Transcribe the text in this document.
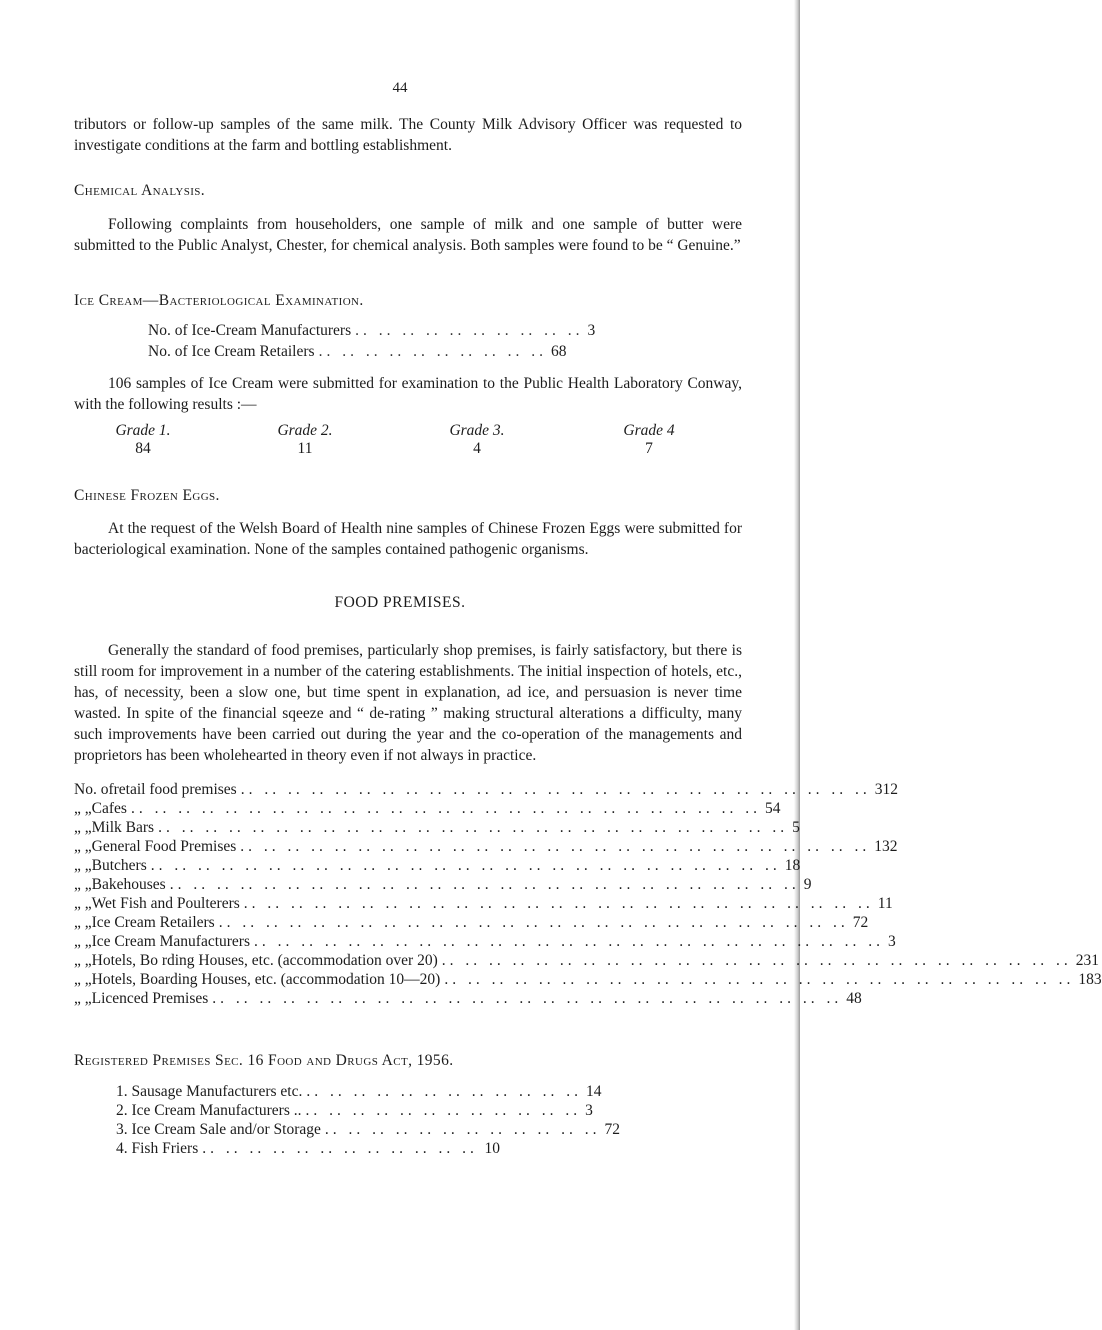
44

tributors or follow-up samples of the same milk. The County Milk Advisory Officer was requested to investigate conditions at the farm and bottling establishment.

Chemical Analysis.

Following complaints from householders, one sample of milk and one sample of butter were submitted to the Public Analyst, Chester, for chemical analysis. Both samples were found to be “ Genuine.”

Ice Cream—Bacteriological Examination.
No. of Ice-Cream Manufacturers .. .. .. .. .. .. .. .. .. .. 3
No. of Ice Cream Retailers .. .. .. .. .. .. .. .. .. .. 68

106 samples of Ice Cream were submitted for examination to the Public Health Laboratory Conway, with the following results :—

Grade 1.
84
Grade 2.
11
Grade 3.
4
Grade 4
7
Chinese Frozen Eggs.

At the request of the Welsh Board of Health nine samples of Chinese Frozen Eggs were submitted for bacteriological examination. None of the samples contained pathogenic organisms.

FOOD PREMISES.

Generally the standard of food premises, particularly shop premises, is fairly satisfactory, but there is still room for improvement in a number of the catering establishments. The initial inspection of hotels, etc., has, of necessity, been a slow one, but time spent in explanation, ad ice, and persuasion is never time wasted. In spite of the financial sqeeze and “ de-rating ” making structural alterations a difficulty, many such improvements have been carried out during the year and the co-operation of the managements and proprietors has been wholehearted in theory even if not always in practice.

No. of retail food premises .. .. .. .. .. .. .. .. .. .. .. .. .. .. .. .. .. .. .. .. .. .. .. .. .. .. .. 312
„ „ Cafes .. .. .. .. .. .. .. .. .. .. .. .. .. .. .. .. .. .. .. .. .. .. .. .. .. .. .. 54
„ „ Milk Bars .. .. .. .. .. .. .. .. .. .. .. .. .. .. .. .. .. .. .. .. .. .. .. .. .. .. .. 5
„ „ General Food Premises .. .. .. .. .. .. .. .. .. .. .. .. .. .. .. .. .. .. .. .. .. .. .. .. .. .. .. 132
„ „ Butchers .. .. .. .. .. .. .. .. .. .. .. .. .. .. .. .. .. .. .. .. .. .. .. .. .. .. .. 18
„ „ Bakehouses .. .. .. .. .. .. .. .. .. .. .. .. .. .. .. .. .. .. .. .. .. .. .. .. .. .. .. 9
„ „ Wet Fish and Poulterers .. .. .. .. .. .. .. .. .. .. .. .. .. .. .. .. .. .. .. .. .. .. .. .. .. .. .. 11
„ „ Ice Cream Retailers .. .. .. .. .. .. .. .. .. .. .. .. .. .. .. .. .. .. .. .. .. .. .. .. .. .. .. 72
„ „ Ice Cream Manufacturers .. .. .. .. .. .. .. .. .. .. .. .. .. .. .. .. .. .. .. .. .. .. .. .. .. .. .. 3
„ „ Hotels, Bo rding Houses, etc. (accommodation over 20) .. .. .. .. .. .. .. .. .. .. .. .. .. .. .. .. .. .. .. .. .. .. .. .. .. .. .. 231
„ „ Hotels, Boarding Houses, etc. (accommodation 10—20) .. .. .. .. .. .. .. .. .. .. .. .. .. .. .. .. .. .. .. .. .. .. .. .. .. .. .. 183
„ „ Licenced Premises .. .. .. .. .. .. .. .. .. .. .. .. .. .. .. .. .. .. .. .. .. .. .. .. .. .. .. 48
Registered Premises Sec. 16 Food and Drugs Act, 1956.
1. Sausage Manufacturers etc. .. .. .. .. .. .. .. .. .. .. .. .. 14
2. Ice Cream Manufacturers .. .. .. .. .. .. .. .. .. .. .. .. .. 3
3. Ice Cream Sale and/or Storage .. .. .. .. .. .. .. .. .. .. .. .. 72
4. Fish Friers .. .. .. .. .. .. .. .. .. .. .. .. 10
